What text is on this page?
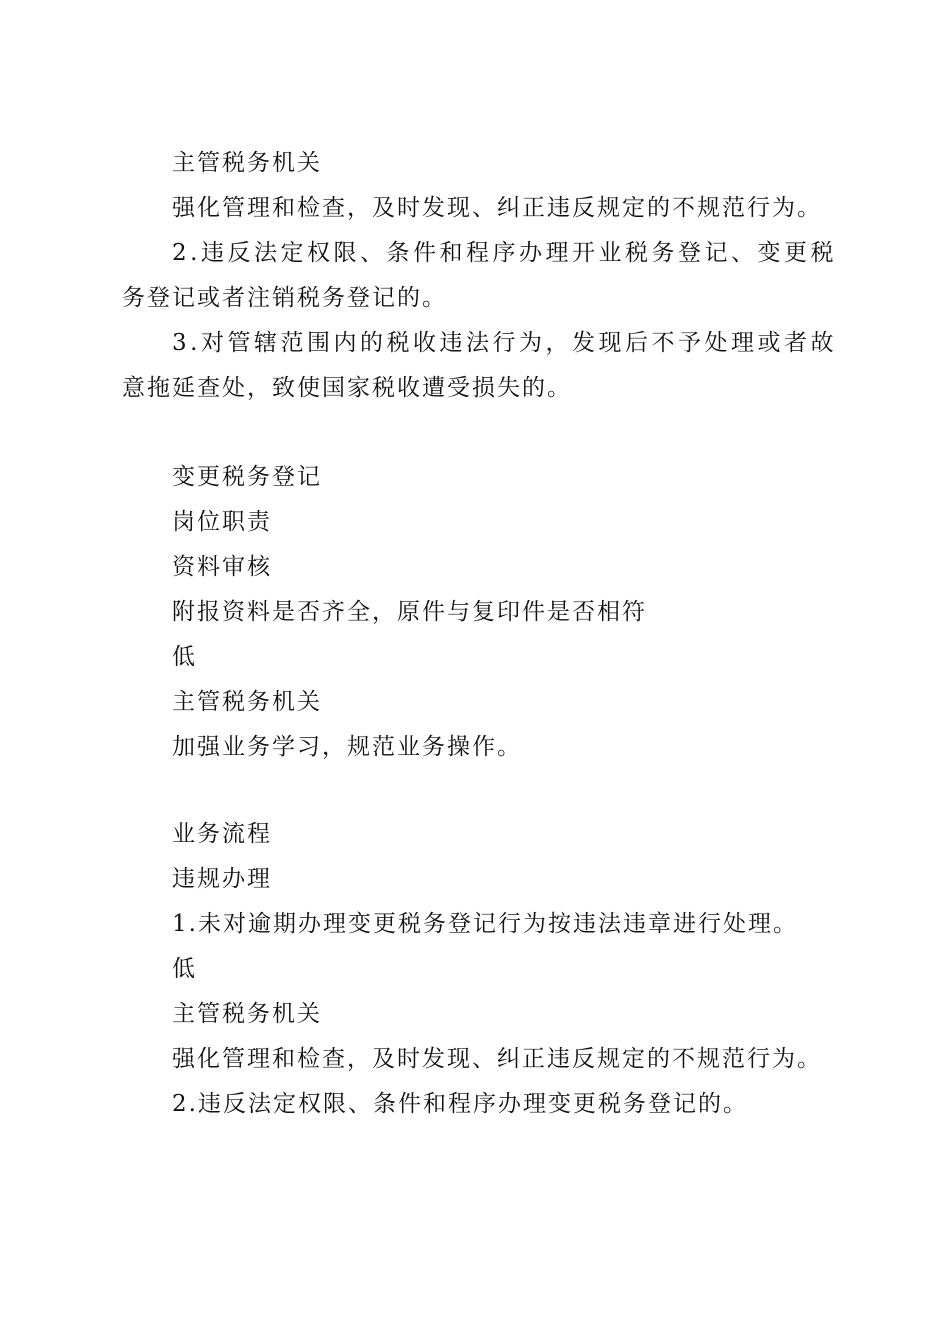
主管税务机关
强化管理和检查，及时发现、纠正违反规定的不规范行为。
2.违反法定权限、条件和程序办理开业税务登记、变更税
务登记或者注销税务登记的。
3.对管辖范围内的税收违法行为，发现后不予处理或者故
意拖延查处，致使国家税收遭受损失的。
变更税务登记
岗位职责
资料审核
附报资料是否齐全，原件与复印件是否相符
低
主管税务机关
加强业务学习，规范业务操作。
业务流程
违规办理
1.未对逾期办理变更税务登记行为按违法违章进行处理。
低
主管税务机关
强化管理和检查，及时发现、纠正违反规定的不规范行为。
2.违反法定权限、条件和程序办理变更税务登记的。
